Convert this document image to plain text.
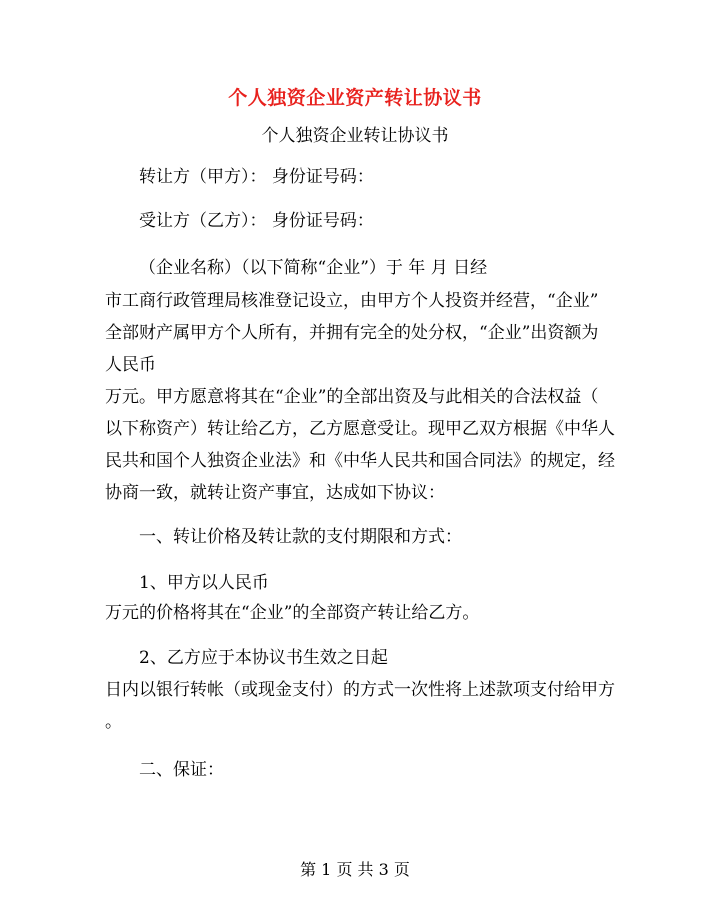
个人独资企业资产转让协议书
个人独资企业转让协议书
转让方（甲方）： 身份证号码：
受让方（乙方）： 身份证号码：
（企业名称）（以下简称“企业”）于 年 月 日经
市工商行政管理局核准登记设立，由甲方个人投资并经营，“企业”
全部财产属甲方个人所有，并拥有完全的处分权，“企业”出资额为
人民币
万元。甲方愿意将其在“企业”的全部出资及与此相关的合法权益（
以下称资产）转让给乙方，乙方愿意受让。现甲乙双方根据《中华人
民共和国个人独资企业法》和《中华人民共和国合同法》的规定，经
协商一致，就转让资产事宜，达成如下协议：
一、转让价格及转让款的支付期限和方式：
1、甲方以人民币
万元的价格将其在“企业”的全部资产转让给乙方。
2、乙方应于本协议书生效之日起
日内以银行转帐（或现金支付）的方式一次性将上述款项支付给甲方
。
二、保证：
第 1 页 共 3 页
